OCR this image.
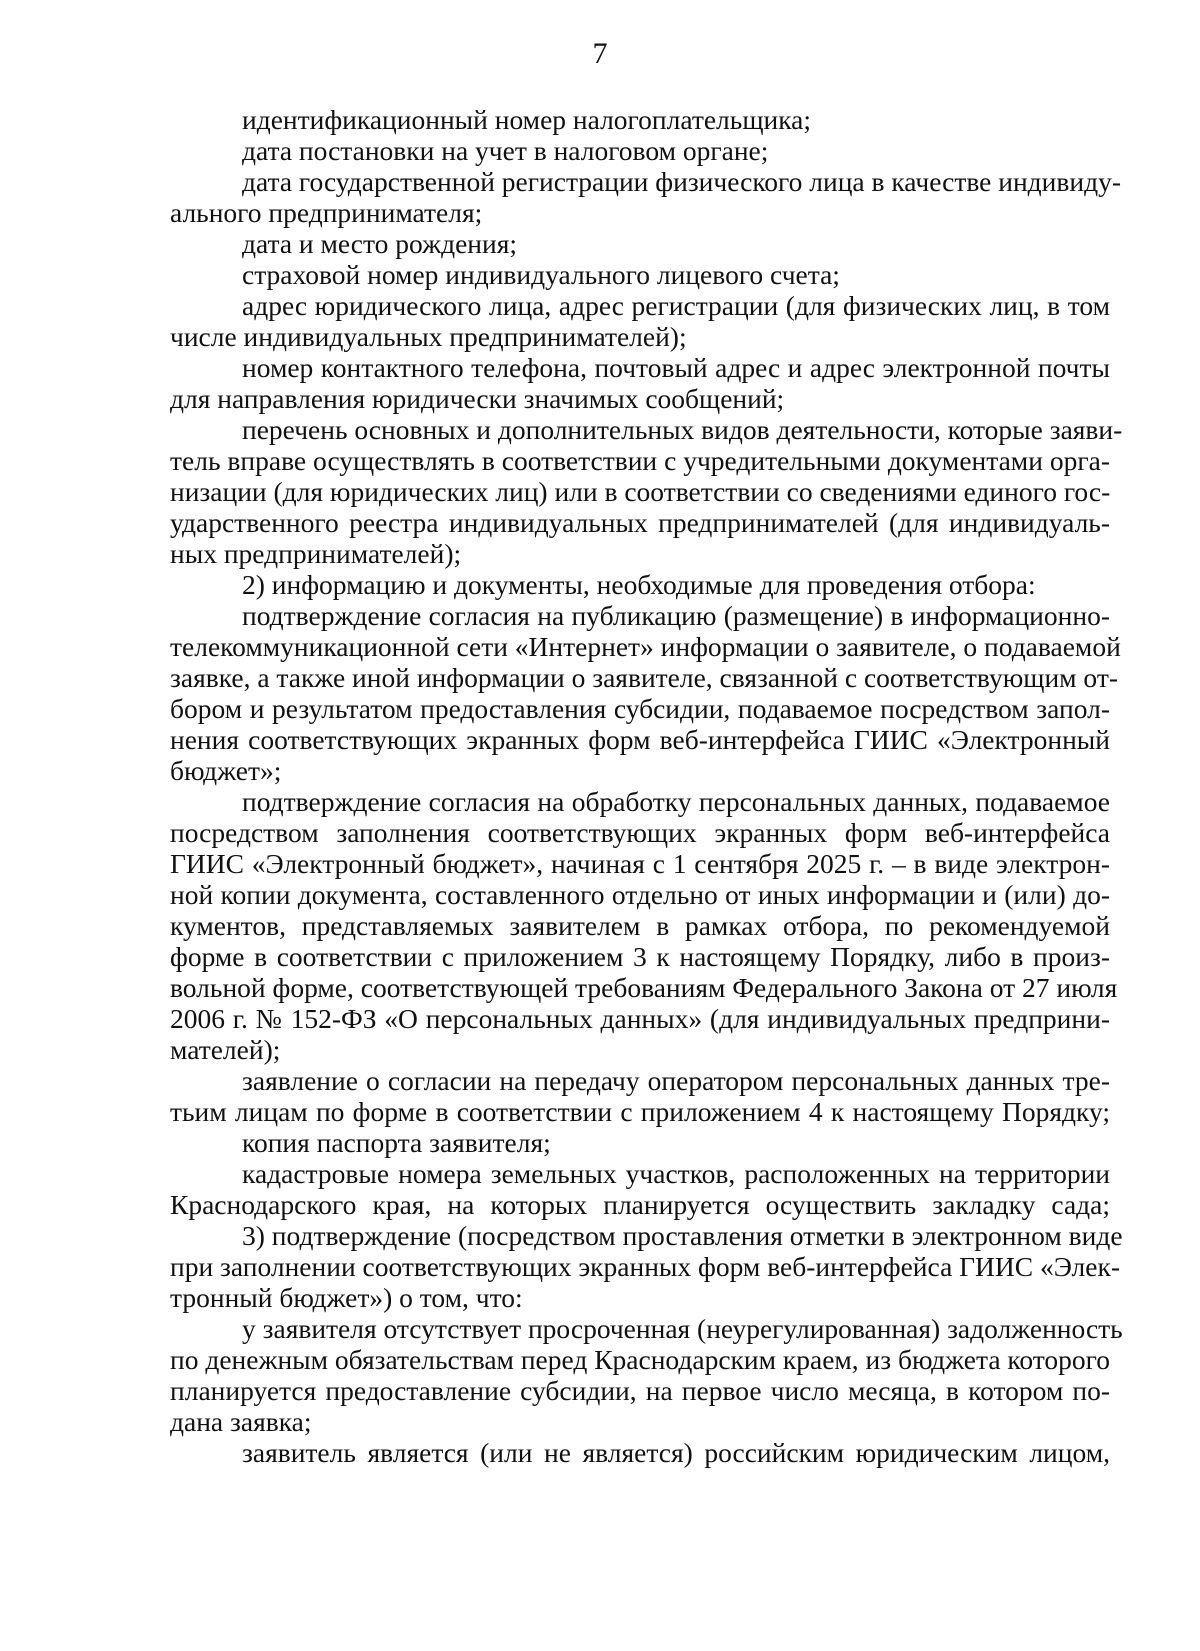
7
идентификационный номер налогоплательщика;
дата постановки на учет в налоговом органе;
дата государственной регистрации физического лица в качестве индивиду-
ального предпринимателя;
дата и место рождения;
страховой номер индивидуального лицевого счета;
адрес юридического лица, адрес регистрации (для физических лиц, в том
числе индивидуальных предпринимателей);
номер контактного телефона, почтовый адрес и адрес электронной почты
для направления юридически значимых сообщений;
перечень основных и дополнительных видов деятельности, которые заяви-
тель вправе осуществлять в соответствии с учредительными документами орга-
низации (для юридических лиц) или в соответствии со сведениями единого гос-
ударственного реестра индивидуальных предпринимателей (для индивидуаль-
ных предпринимателей);
2) информацию и документы, необходимые для проведения отбора:
подтверждение согласия на публикацию (размещение) в информационно-
телекоммуникационной сети «Интернет» информации о заявителе, о подаваемой
заявке, а также иной информации о заявителе, связанной с соответствующим от-
бором и результатом предоставления субсидии, подаваемое посредством запол-
нения соответствующих экранных форм веб-интерфейса ГИИС «Электронный
бюджет»;
подтверждение согласия на обработку персональных данных, подаваемое
посредством заполнения соответствующих экранных форм веб-интерфейса
ГИИС «Электронный бюджет», начиная с 1 сентября 2025 г. – в виде электрон-
ной копии документа, составленного отдельно от иных информации и (или) до-
кументов, представляемых заявителем в рамках отбора, по рекомендуемой
форме в соответствии с приложением 3 к настоящему Порядку, либо в произ-
вольной форме, соответствующей требованиям Федерального Закона от 27 июля
2006 г. № 152-ФЗ «О персональных данных» (для индивидуальных предприни-
мателей);
заявление о согласии на передачу оператором персональных данных тре-
тьим лицам по форме в соответствии с приложением 4 к настоящему Порядку;
копия паспорта заявителя;
кадастровые номера земельных участков, расположенных на территории
Краснодарского края, на которых планируется осуществить закладку сада;
3) подтверждение (посредством проставления отметки в электронном виде
при заполнении соответствующих экранных форм веб-интерфейса ГИИС «Элек-
тронный бюджет») о том, что:
у заявителя отсутствует просроченная (неурегулированная) задолженность
по денежным обязательствам перед Краснодарским краем, из бюджета которого
планируется предоставление субсидии, на первое число месяца, в котором по-
дана заявка;
заявитель является (или не является) российским юридическим лицом,
